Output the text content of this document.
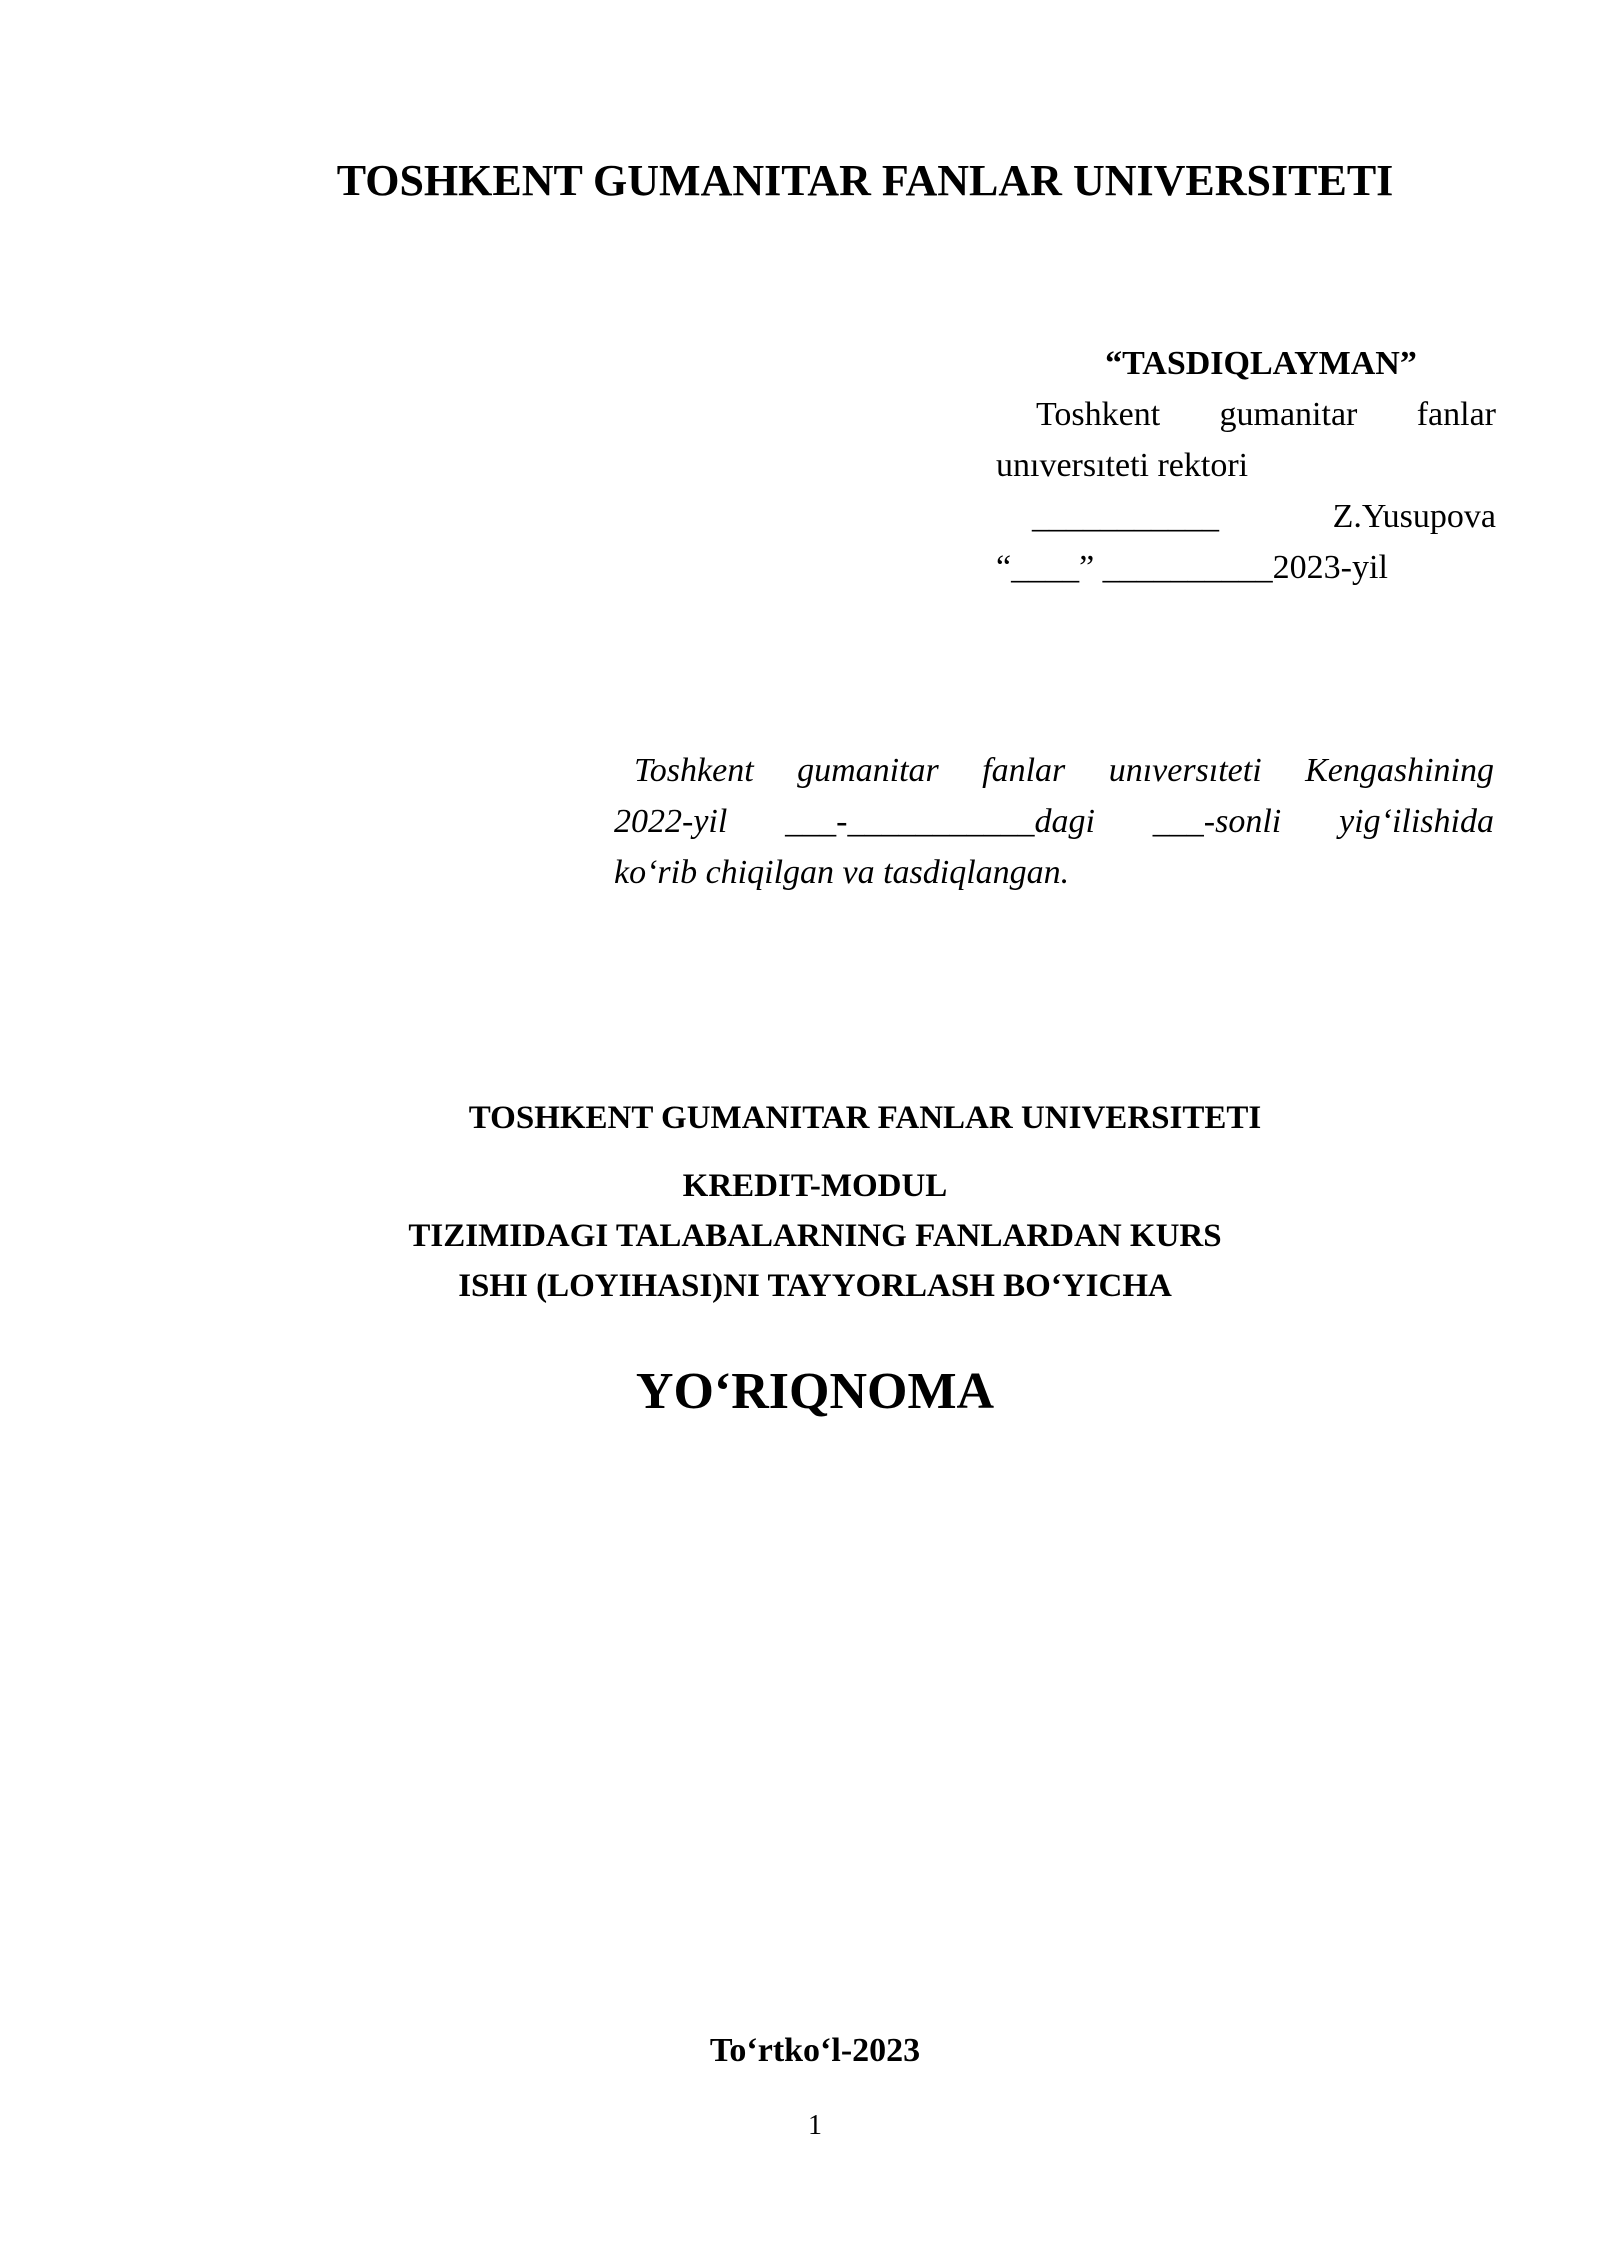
TOSHKENT GUMANITAR FANLAR UNIVERSITETI
“TASDIQLAYMAN”
Toshkent gumanitar fanlar
unıversıteti rektori
___________	Z.Yusupova
“____” __________2023-yil
Toshkent gumanitar fanlar unıversıteti Kengashining
2022-yil ___-___________dagi ___-sonli yig‘ilishida
ko‘rib chiqilgan va tasdiqlangan.
TOSHKENT GUMANITAR FANLAR UNIVERSITETI
KREDIT-MODUL
TIZIMIDAGI TALABALARNING FANLARDAN KURS
ISHI (LOYIHASI)NI TAYYORLASH BO‘YICHA
YO‘RIQNOMA
To‘rtko‘l-2023
1
